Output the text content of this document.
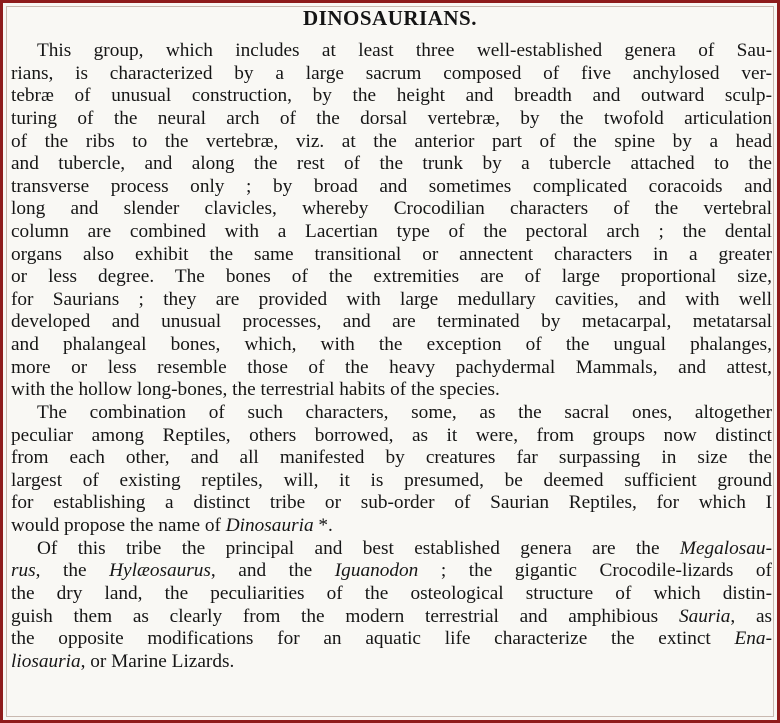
DINOSAURIANS.
This group, which includes at least three well-established genera of Sau-
rians, is characterized by a large sacrum composed of five anchylosed ver-
tebræ of unusual construction, by the height and breadth and outward sculp-
turing of the neural arch of the dorsal vertebræ, by the twofold articulation
of the ribs to the vertebræ, viz. at the anterior part of the spine by a head
and tubercle, and along the rest of the trunk by a tubercle attached to the
transverse process only ; by broad and sometimes complicated coracoids and
long and slender clavicles, whereby Crocodilian characters of the vertebral
column are combined with a Lacertian type of the pectoral arch ; the dental
organs also exhibit the same transitional or annectent characters in a greater
or less degree. The bones of the extremities are of large proportional size,
for Saurians ; they are provided with large medullary cavities, and with well
developed and unusual processes, and are terminated by metacarpal, metatarsal
and phalangeal bones, which, with the exception of the ungual phalanges,
more or less resemble those of the heavy pachydermal Mammals, and attest,
with the hollow long-bones, the terrestrial habits of the species.
The combination of such characters, some, as the sacral ones, altogether
peculiar among Reptiles, others borrowed, as it were, from groups now distinct
from each other, and all manifested by creatures far surpassing in size the
largest of existing reptiles, will, it is presumed, be deemed sufficient ground
for establishing a distinct tribe or sub-order of Saurian Reptiles, for which I
would propose the name of Dinosauria *.
Of this tribe the principal and best established genera are the Megalosau-
rus, the Hylæosaurus, and the Iguanodon ; the gigantic Crocodile-lizards of
the dry land, the peculiarities of the osteological structure of which distin-
guish them as clearly from the modern terrestrial and amphibious Sauria, as
the opposite modifications for an aquatic life characterize the extinct Ena-
liosauria, or Marine Lizards.
